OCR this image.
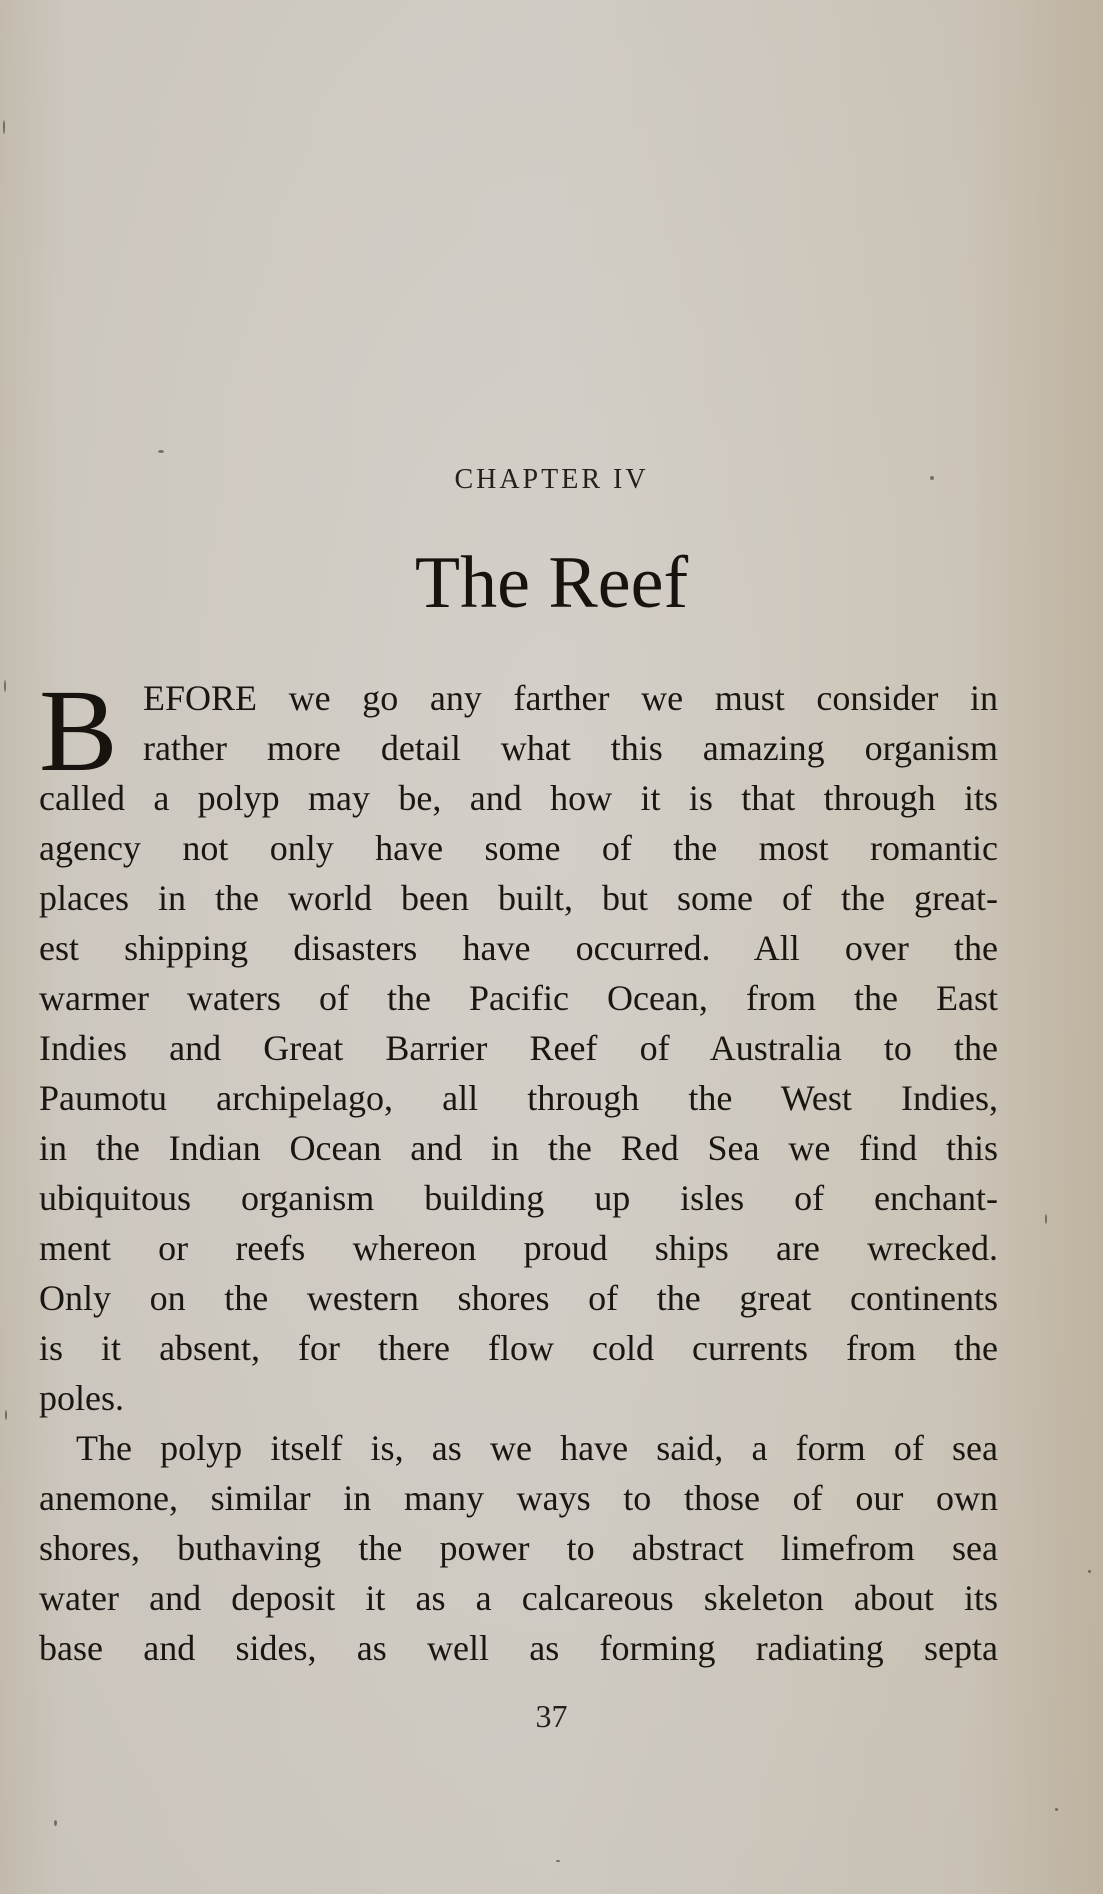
CHAPTER IV
The Reef
B EFORE we go any farther we must consider in
rather more detail what this amazing organism
called a polyp may be, and how it is that through its
agency not only have some of the most romantic
places in the world been built, but some of the great-
est shipping disasters have occurred. All over the
warmer waters of the Pacific Ocean, from the East
Indies and Great Barrier Reef of Australia to the
Paumotu archipelago, all through the West Indies,
in the Indian Ocean and in the Red Sea we find this
ubiquitous organism building up isles of enchant-
ment or reefs whereon proud ships are wrecked.
Only on the western shores of the great continents
is it absent, for there flow cold currents from the
poles.
The polyp itself is, as we have said, a form of sea
anemone, similar in many ways to those of our own
shores, buthaving the power to abstract limefrom sea
water and deposit it as a calcareous skeleton about its
base and sides, as well as forming radiating septa
37
